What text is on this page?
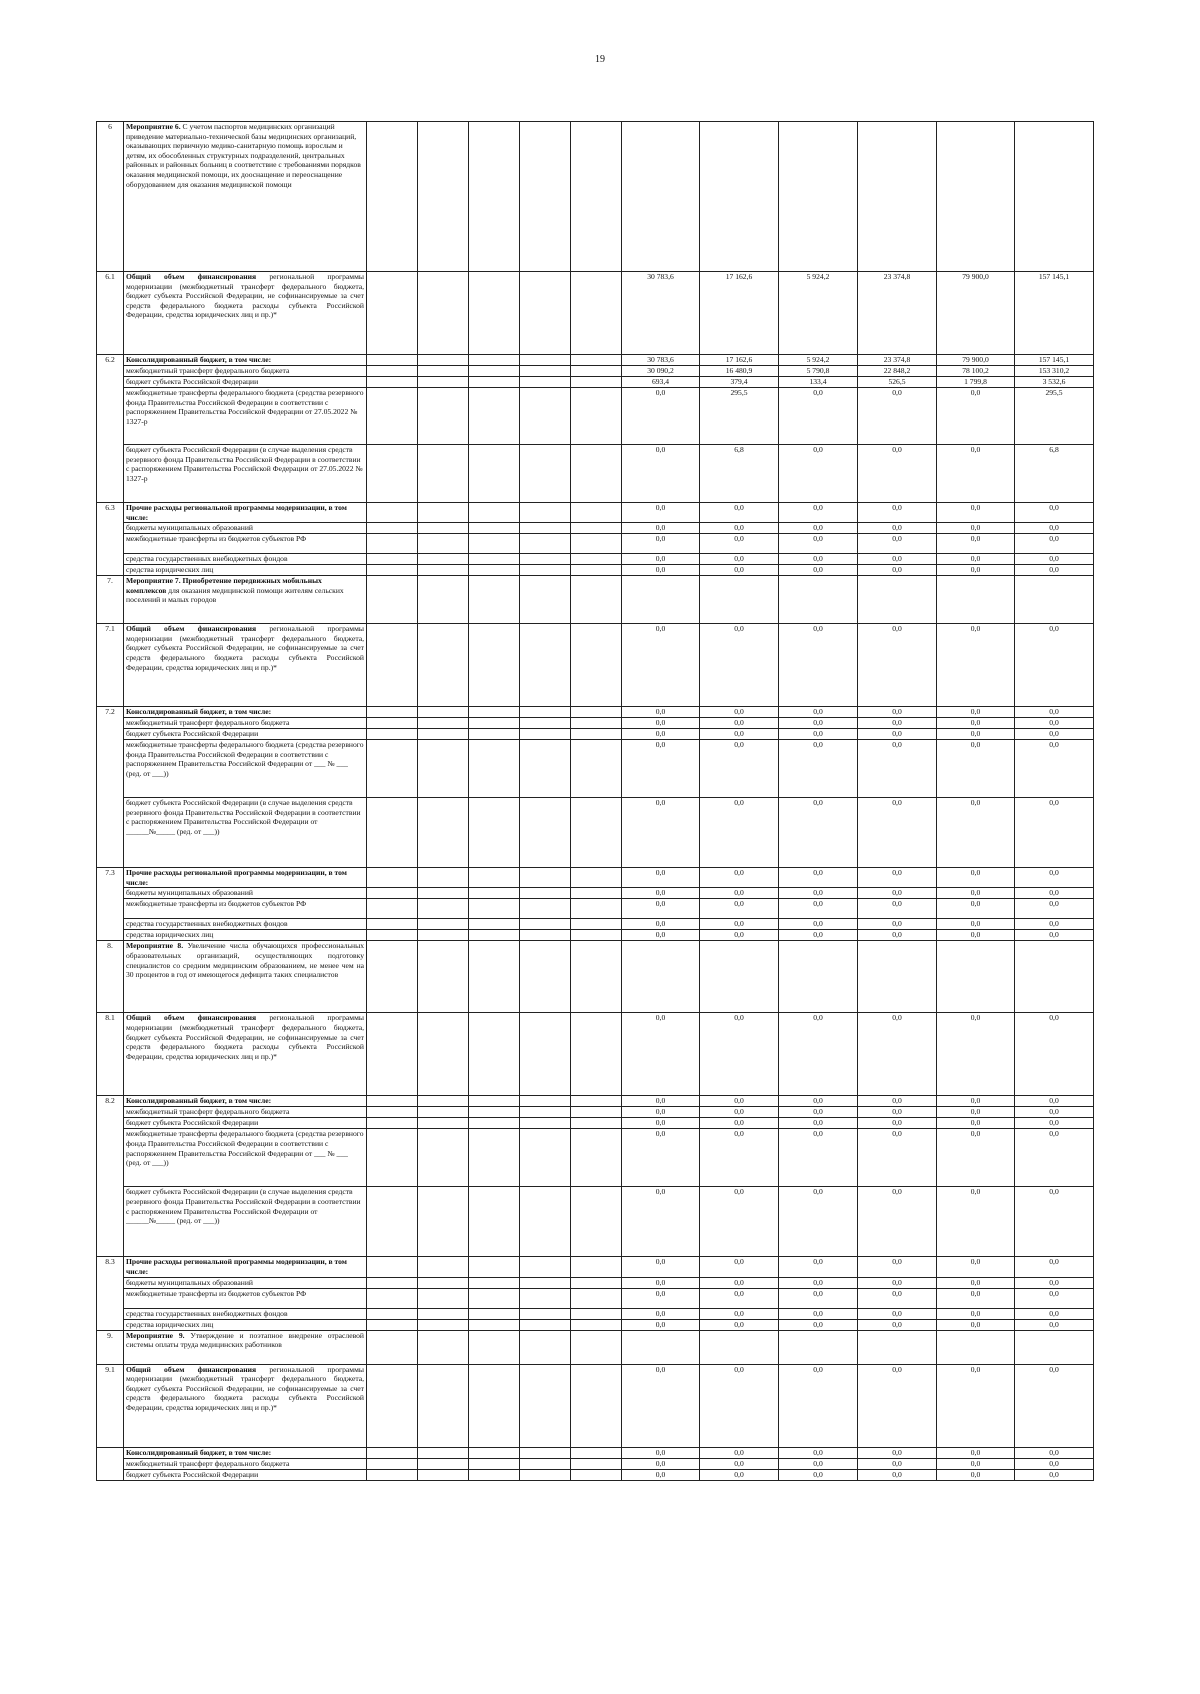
19
6	Мероприятие 6. С учетом паспортов медицинских организаций приведение материально-технической базы медицинских организаций, оказывающих первичную медико-санитарную помощь взрослым и детям, их обособленных структурных подразделений, центральных районных и районных больниц в соответствие с требованиями порядков оказания медицинской помощи, их дооснащение и переоснащение оборудованием для оказания медицинской помощи											
6.1	Общий объем финансирования региональной программы модернизации (межбюджетный трансферт федерального бюджета, бюджет субъекта Российской Федерации, не софинансируемые за счет средств федерального бюджета расходы субъекта Российской Федерации, средства юридических лиц и пр.)*						30 783,6	17 162,6	5 924,2	23 374,8	79 900,0	157 145,1
6.2	Консолидированный бюджет, в том числе:						30 783,6	17 162,6	5 924,2	23 374,8	79 900,0	157 145,1
	межбюджетный трансферт федерального бюджета						30 090,2	16 480,9	5 790,8	22 848,2	78 100,2	153 310,2
	бюджет субъекта Российской Федерации						693,4	379,4	133,4	526,5	1 799,8	3 532,6
	межбюджетные трансферты федерального бюджета (средства резервного фонда Правительства Российской Федерации в соответствии с распоряжением Правительства Российской Федерации от 27.05.2022 № 1327-р						0,0	295,5	0,0	0,0	0,0	295,5
	бюджет субъекта Российской Федерации (в случае выделения средств резервного фонда Правительства Российской Федерации в соответствии с распоряжением Правительства Российской Федерации от 27.05.2022 № 1327-р						0,0	6,8	0,0	0,0	0,0	6,8
6.3	Прочие расходы региональной программы модернизации, в том числе:						0,0	0,0	0,0	0,0	0,0	0,0
	бюджеты муниципальных образований						0,0	0,0	0,0	0,0	0,0	0,0
	межбюджетные трансферты из бюджетов субъектов РФ						0,0	0,0	0,0	0,0	0,0	0,0
	средства государственных внебюджетных фондов						0,0	0,0	0,0	0,0	0,0	0,0
	средства юридических лиц						0,0	0,0	0,0	0,0	0,0	0,0
7.	Мероприятие 7. Приобретение передвижных мобильных комплексов для оказания медицинской помощи жителям сельских поселений и малых городов											
7.1	Общий объем финансирования региональной программы модернизации (межбюджетный трансферт федерального бюджета, бюджет субъекта Российской Федерации, не софинансируемые за счет средств федерального бюджета расходы субъекта Российской Федерации, средства юридических лиц и пр.)*						0,0	0,0	0,0	0,0	0,0	0,0
7.2	Консолидированный бюджет, в том числе:						0,0	0,0	0,0	0,0	0,0	0,0
	межбюджетный трансферт федерального бюджета						0,0	0,0	0,0	0,0	0,0	0,0
	бюджет субъекта Российской Федерации						0,0	0,0	0,0	0,0	0,0	0,0
	межбюджетные трансферты федерального бюджета (средства резервного фонда Правительства Российской Федерации в соответствии с распоряжением Правительства Российской Федерации от ___ № ___ (ред. от ___))						0,0	0,0	0,0	0,0	0,0	0,0
	бюджет субъекта Российской Федерации (в случае выделения средств резервного фонда Правительства Российской Федерации в соответствии с распоряжением Правительства Российской Федерации от ______№_____ (ред. от ___))						0,0	0,0	0,0	0,0	0,0	0,0
7.3	Прочие расходы региональной программы модернизации, в том числе:						0,0	0,0	0,0	0,0	0,0	0,0
	бюджеты муниципальных образований						0,0	0,0	0,0	0,0	0,0	0,0
	межбюджетные трансферты из бюджетов субъектов РФ						0,0	0,0	0,0	0,0	0,0	0,0
	средства государственных внебюджетных фондов						0,0	0,0	0,0	0,0	0,0	0,0
	средства юридических лиц						0,0	0,0	0,0	0,0	0,0	0,0
8.	Мероприятие 8. Увеличение числа обучающихся профессиональных образовательных организаций, осуществляющих подготовку специалистов со средним медицинским образованием, не менее чем на 30 процентов в год от имеющегося дефицита таких специалистов											
8.1	Общий объем финансирования региональной программы модернизации (межбюджетный трансферт федерального бюджета, бюджет субъекта Российской Федерации, не софинансируемые за счет средств федерального бюджета расходы субъекта Российской Федерации, средства юридических лиц и пр.)*						0,0	0,0	0,0	0,0	0,0	0,0
8.2	Консолидированный бюджет, в том числе:						0,0	0,0	0,0	0,0	0,0	0,0
	межбюджетный трансферт федерального бюджета						0,0	0,0	0,0	0,0	0,0	0,0
	бюджет субъекта Российской Федерации						0,0	0,0	0,0	0,0	0,0	0,0
	межбюджетные трансферты федерального бюджета (средства резервного фонда Правительства Российской Федерации в соответствии с распоряжением Правительства Российской Федерации от ___ № ___ (ред. от ___))						0,0	0,0	0,0	0,0	0,0	0,0
	бюджет субъекта Российской Федерации (в случае выделения средств резервного фонда Правительства Российской Федерации в соответствии с распоряжением Правительства Российской Федерации от ______№_____ (ред. от ___))						0,0	0,0	0,0	0,0	0,0	0,0
8.3	Прочие расходы региональной программы модернизации, в том числе:						0,0	0,0	0,0	0,0	0,0	0,0
	бюджеты муниципальных образований						0,0	0,0	0,0	0,0	0,0	0,0
	межбюджетные трансферты из бюджетов субъектов РФ						0,0	0,0	0,0	0,0	0,0	0,0
	средства государственных внебюджетных фондов						0,0	0,0	0,0	0,0	0,0	0,0
	средства юридических лиц						0,0	0,0	0,0	0,0	0,0	0,0
9.	Мероприятие 9. Утверждение и поэтапное внедрение отраслевой системы оплаты труда медицинских работников											
9.1	Общий объем финансирования региональной программы модернизации (межбюджетный трансферт федерального бюджета, бюджет субъекта Российской Федерации, не софинансируемые за счет средств федерального бюджета расходы субъекта Российской Федерации, средства юридических лиц и пр.)*						0,0	0,0	0,0	0,0	0,0	0,0
	Консолидированный бюджет, в том числе:						0,0	0,0	0,0	0,0	0,0	0,0
	межбюджетный трансферт федерального бюджета						0,0	0,0	0,0	0,0	0,0	0,0
	бюджет субъекта Российской Федерации						0,0	0,0	0,0	0,0	0,0	0,0
